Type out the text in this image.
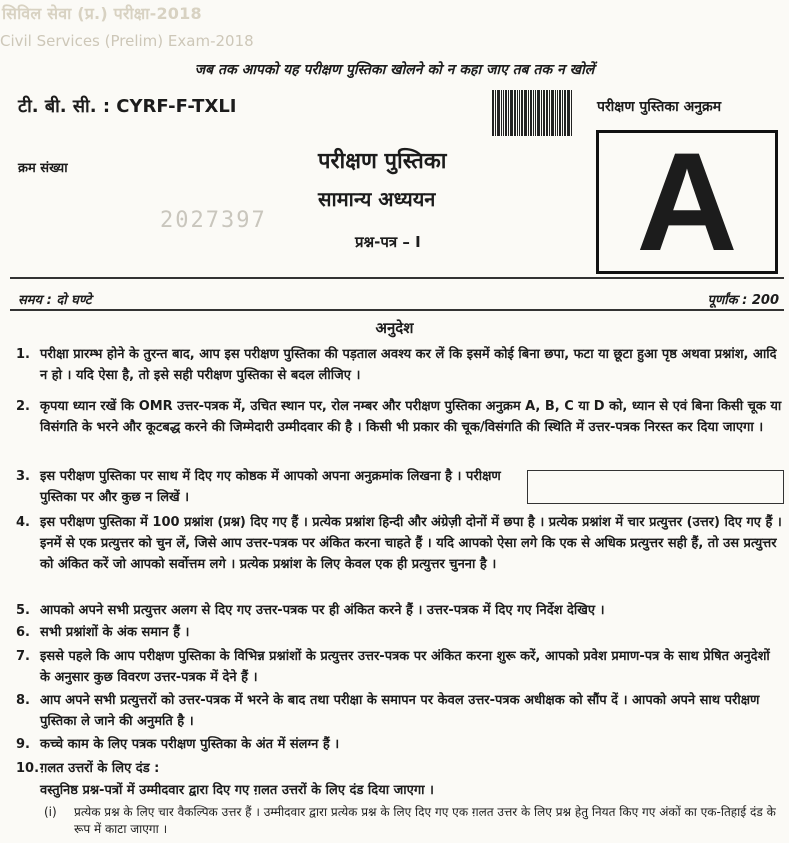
सिविल सेवा (प्र.) परीक्षा-2018
Civil Services (Prelim) Exam-2018
जब तक आपको यह परीक्षण पुस्तिका खोलने को न कहा जाए तब तक न खोलें
टी. बी. सी. : CYRF-F-TXLI	परीक्षण पुस्तिका अनुक्रम
क्रम संख्या
2027397
परीक्षण पुस्तिका
सामान्य अध्ययन
प्रश्न-पत्र – I A
समय : दो घण्टे	पूर्णांक : 200
अनुदेश
1. परीक्षा प्रारम्भ होने के तुरन्त बाद, आप इस परीक्षण पुस्तिका की पड़ताल अवश्य कर लें कि इसमें कोई बिना छपा, फटा या छूटा हुआ पृष्ठ अथवा प्रश्नांश, आदि न हो । यदि ऐसा है, तो इसे सही परीक्षण पुस्तिका से बदल लीजिए ।
2. कृपया ध्यान रखें कि OMR उत्तर-पत्रक में, उचित स्थान पर, रोल नम्बर और परीक्षण पुस्तिका अनुक्रम A, B, C या D को, ध्यान से एवं बिना किसी चूक या विसंगति के भरने और कूटबद्ध करने की जिम्मेदारी उम्मीदवार की है । किसी भी प्रकार की चूक/विसंगति की स्थिति में उत्तर-पत्रक निरस्त कर दिया जाएगा ।
3. इस परीक्षण पुस्तिका पर साथ में दिए गए कोष्ठक में आपको अपना अनुक्रमांक लिखना है । परीक्षण पुस्तिका पर और कुछ न लिखें ।
4. इस परीक्षण पुस्तिका में 100 प्रश्नांश (प्रश्न) दिए गए हैं । प्रत्येक प्रश्नांश हिन्दी और अंग्रेज़ी दोनों में छपा है । प्रत्येक प्रश्नांश में चार प्रत्युत्तर (उत्तर) दिए गए हैं । इनमें से एक प्रत्युत्तर को चुन लें, जिसे आप उत्तर-पत्रक पर अंकित करना चाहते हैं । यदि आपको ऐसा लगे कि एक से अधिक प्रत्युत्तर सही हैं, तो उस प्रत्युत्तर को अंकित करें जो आपको सर्वोत्तम लगे । प्रत्येक प्रश्नांश के लिए केवल एक ही प्रत्युत्तर चुनना है ।
5. आपको अपने सभी प्रत्युत्तर अलग से दिए गए उत्तर-पत्रक पर ही अंकित करने हैं । उत्तर-पत्रक में दिए गए निर्देश देखिए ।
6. सभी प्रश्नांशों के अंक समान हैं ।
7. इससे पहले कि आप परीक्षण पुस्तिका के विभिन्न प्रश्नांशों के प्रत्युत्तर उत्तर-पत्रक पर अंकित करना शुरू करें, आपको प्रवेश प्रमाण-पत्र के साथ प्रेषित अनुदेशों के अनुसार कुछ विवरण उत्तर-पत्रक में देने हैं ।
8. आप अपने सभी प्रत्युत्तरों को उत्तर-पत्रक में भरने के बाद तथा परीक्षा के समापन पर केवल उत्तर-पत्रक अधीक्षक को सौंप दें । आपको अपने साथ परीक्षण पुस्तिका ले जाने की अनुमति है ।
9. कच्चे काम के लिए पत्रक परीक्षण पुस्तिका के अंत में संलग्न हैं ।
10. ग़लत उत्तरों के लिए दंड :
वस्तुनिष्ठ प्रश्न-पत्रों में उम्मीदवार द्वारा दिए गए ग़लत उत्तरों के लिए दंड दिया जाएगा ।
(i) प्रत्येक प्रश्न के लिए चार वैकल्पिक उत्तर हैं । उम्मीदवार द्वारा प्रत्येक प्रश्न के लिए दिए गए एक ग़लत उत्तर के लिए प्रश्न हेतु नियत किए गए अंकों का एक-तिहाई दंड के रूप में काटा जाएगा ।
